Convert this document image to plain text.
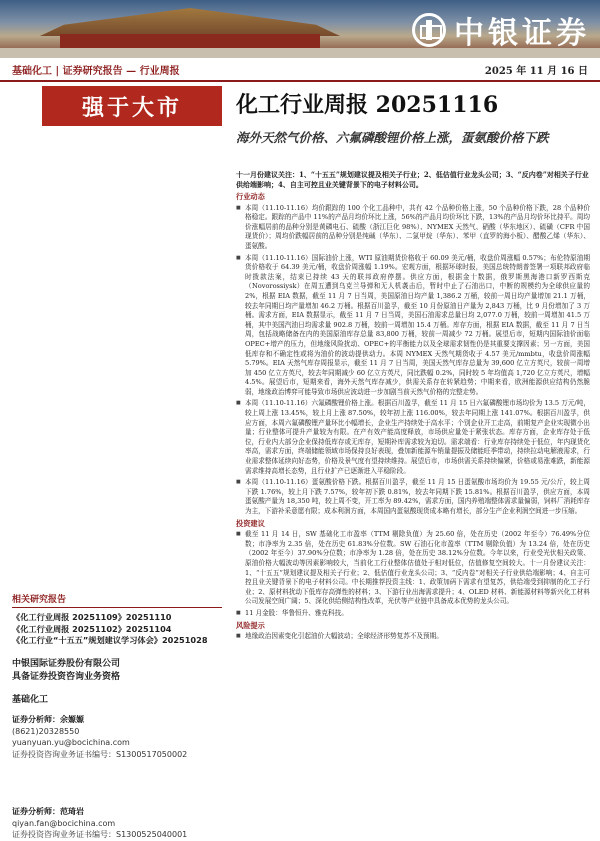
中银证券
基础化工 | 证券研究报告 — 行业周报	2025 年 11 月 16 日
强于大市	化工行业周报 20251116
海外天然气价格、六氟磷酸锂价格上涨，蛋氨酸价格下跌
相关研究报告

《化工行业周报 20251109》20251110

《化工行业周报 20251102》20251104

《化工行业“十五五”规划建议学习体会》20251028

中银国际证券股份有限公司
具备证券投资咨询业务资格
基础化工
证券分析师：余嫄嫄
(8621)20328550
yuanyuan.yu@bocichina.com
证券投资咨询业务证书编号：S1300517050002
证券分析师：范琦岩
qiyan.fan@bocichina.com
证券投资咨询业务证书编号：S1300525040001
十一月份建议关注：1、“十五五”规划建议提及相关子行业；2、低估值行业龙头公司；3、“反内卷”对相关子行业供给端影响；4、自主可控且业关键背景下的电子材料公司。
行业动态
■ 本周（11.10-11.16）均价跟踪的 100 个化工品种中，共有 42 个品种价格上涨，50 个品种价格下跌，28 个品种价格稳定。跟踪的产品中 11%的产品月均价环比上涨，56%的产品月均价环比下跌，13%的产品月均价环比持平。周均价涨幅居前的品种分别是黄磷电石、硫酸（浙江巨化 98%）、NYMEX 天然气、硝酸（华东地区）、硫磺（CFR 中国现货价）；周均价跌幅居前的品种分别是纯碱（华东）、二氯甲烷（华东）、苯甲（直罗的海小板）、醋酸乙烯（华东）、蛋氨酸。
■ 本周（11.10-11.16）国际油价上涨，WTI 原油期货价格收于 60.09 美元/桶，收盘价周涨幅 0.57%；布伦特原油期货价格收于 64.39 美元/桶，收盘价周涨幅 1.19%。宏观方面，根据环球时报，美国总统特朗普签署一项联邦政府临时拨款法案，结束已持续 43 天的联邦政府停摆。供应方面，根据金十数据，俄罗斯黑海港口新罗西斯克（Novorossiysk）在周五遭到乌克兰导弹和无人机袭击后，暂时中止了石油出口，中断的规模约为全球供应量的 2%，根据 EIA 数据，截至 11 月 7 日当周，美国原油日均产量 1,386.2 万桶，较前一周日均产量增加 21.1 万桶，较去年同期日均产量增加 46.2 万桶。根据百川盈孚，截至 10 月份原油日产量为 2,843 万桶，比 9 月份增加了 3 万桶。需求方面，EIA 数据显示，截至 11 月 7 日当周，美国石油需求总量日均 2,077.0 万桶，较前一周增加 41.5 万桶，其中美国汽油日均需求量 902.8 万桶，较前一周增加 15.4 万桶。库存方面，根据 EIA 数据，截至 11 月 7 日当周，包括战略储备在内的美国原油库存总量 83,800 万桶，较前一周减少 72 万桶。展望后市，短期内国际油价面临 OPEC+增产的压力，但地缘风险扰动、OPEC+的平衡能力以及全球需求韧性仍是其重要支撑因素；另一方面，美国低库存和不确定性或将为油价的波动提供动力。本周 NYMEX 天然气期货收于 4.57 美元/mmbtu，收盘价周涨幅 5.79%。EIA 天然气库存周报显示，截至 11 月 7 日当周，美国天然气库存总量为 39,600 亿立方英尺，较前一周增加 450 亿立方英尺，较去年同期减少 60 亿立方英尺，同比跌幅 0.2%，同时较 5 年均值高 1,720 亿立方英尺，增幅 4.5%。展望后市，短期来看，海外天然气库存减少，供需关系存在转紧趋势；中期来看，欧洲能源供应结构仍然脆弱，地缘政治博弈可能导致市场供应波动进一步加剧当前天然气价格的完整走势。
■ 本周（11.10-11.16）六氟磷酸锂价格上涨。根据百川盈孚，截至 11 月 15 日六氟磷酸锂市场均价为 13.5 万元/吨，较上周上涨 13.45%，较上月上涨 87.50%，较年初上涨 116.00%，较去年同期上涨 141.07%。根据百川盈孚，供应方面，本周六氟磷酸锂产量环比小幅增长，企业生产持续处于高水平；个别企业开工走高，前期复产企业实现微小出量；行业整体可提升产量较为有限。在产有效产能高度释放，市场供应量处于紧张状态。库存方面，企业库存处于低位，行业内大部分企业保持低库存或无库存，短期补库需求较为迫切。需求端看：行业库存持续处于低位，年内现货化率高，需求方面，终端储能领域市场保持良好表现，叠加新能源车销量提振及储能旺季带动，持续拉动电解液需求，行业需求整体延续向好态势，价格及景气度有望持续维持。展望后市，市场供需关系持续偏紧，价格或易涨难跌，新能源需求维持高增长态势，且行业扩产已逐渐进入平稳阶段。
■ 本周（11.10-11.16）蛋氨酸价格下跌。根据百川盈孚，截至 11 月 15 日蛋氨酸市场均价为 19.55 元/公斤，较上周下跌 1.76%，较上月下跌 7.57%，较年初下跌 0.81%，较去年同期下跌 15.81%。根据百川盈孚，供应方面，本周蛋氨酸产量为 18,350 吨，较上周不变，开工率为 89.42%，需求方面，国内养殖端整体需求量偏弱，饲料厂消耗库存为主，下游补采意愿有限；成本利润方面，本周国内蛋氨酸现货成本略有增长，部分生产企业利润空间进一步压缩。
投资建议
■ 截至 11 月 14 日，SW 基础化工市盈率（TTM 剔除负值）为 25.60 倍，处在历史（2002 年至今）76.49%分位数；市净率为 2.35 倍，处在历史 61.83%分位数。SW 石油石化市盈率（TTM 剔除负值）为 13.24 倍，处在历史（2002 年至今）37.90%分位数；市净率为 1.28 倍，处在历史 38.12%分位数。今年以来，行业受光伏相关政策、原油价格大幅波动等因素影响较大，当前化工行业整体估值处于相对低位，估值修复空间较大。十一月份建议关注：1、“十五五”规划建议提及相关子行业；2、低估值行业龙头公司；3、“反内卷”对相关子行业供给端影响；4、自主可控且业关键背景下的电子材料公司。中长期推荐投资主线：1、政策加码下需求有望复苏，供给端受到抑制的化工子行业；2、原材料扰动下低库存高弹性的材料；3、下游行业出海需求提升；4、OLED 材料、新能源材料等新兴化工材料公司发展空间广阔；5、深化供给侧结构性改革，光伏等产业链中具备成本优势的龙头公司。
■ 11 月金股：华鲁恒升、雅克科技。
风险提示
■ 地缘政治因素变化引起油价大幅波动；全球经济形势复苏不及预期。
